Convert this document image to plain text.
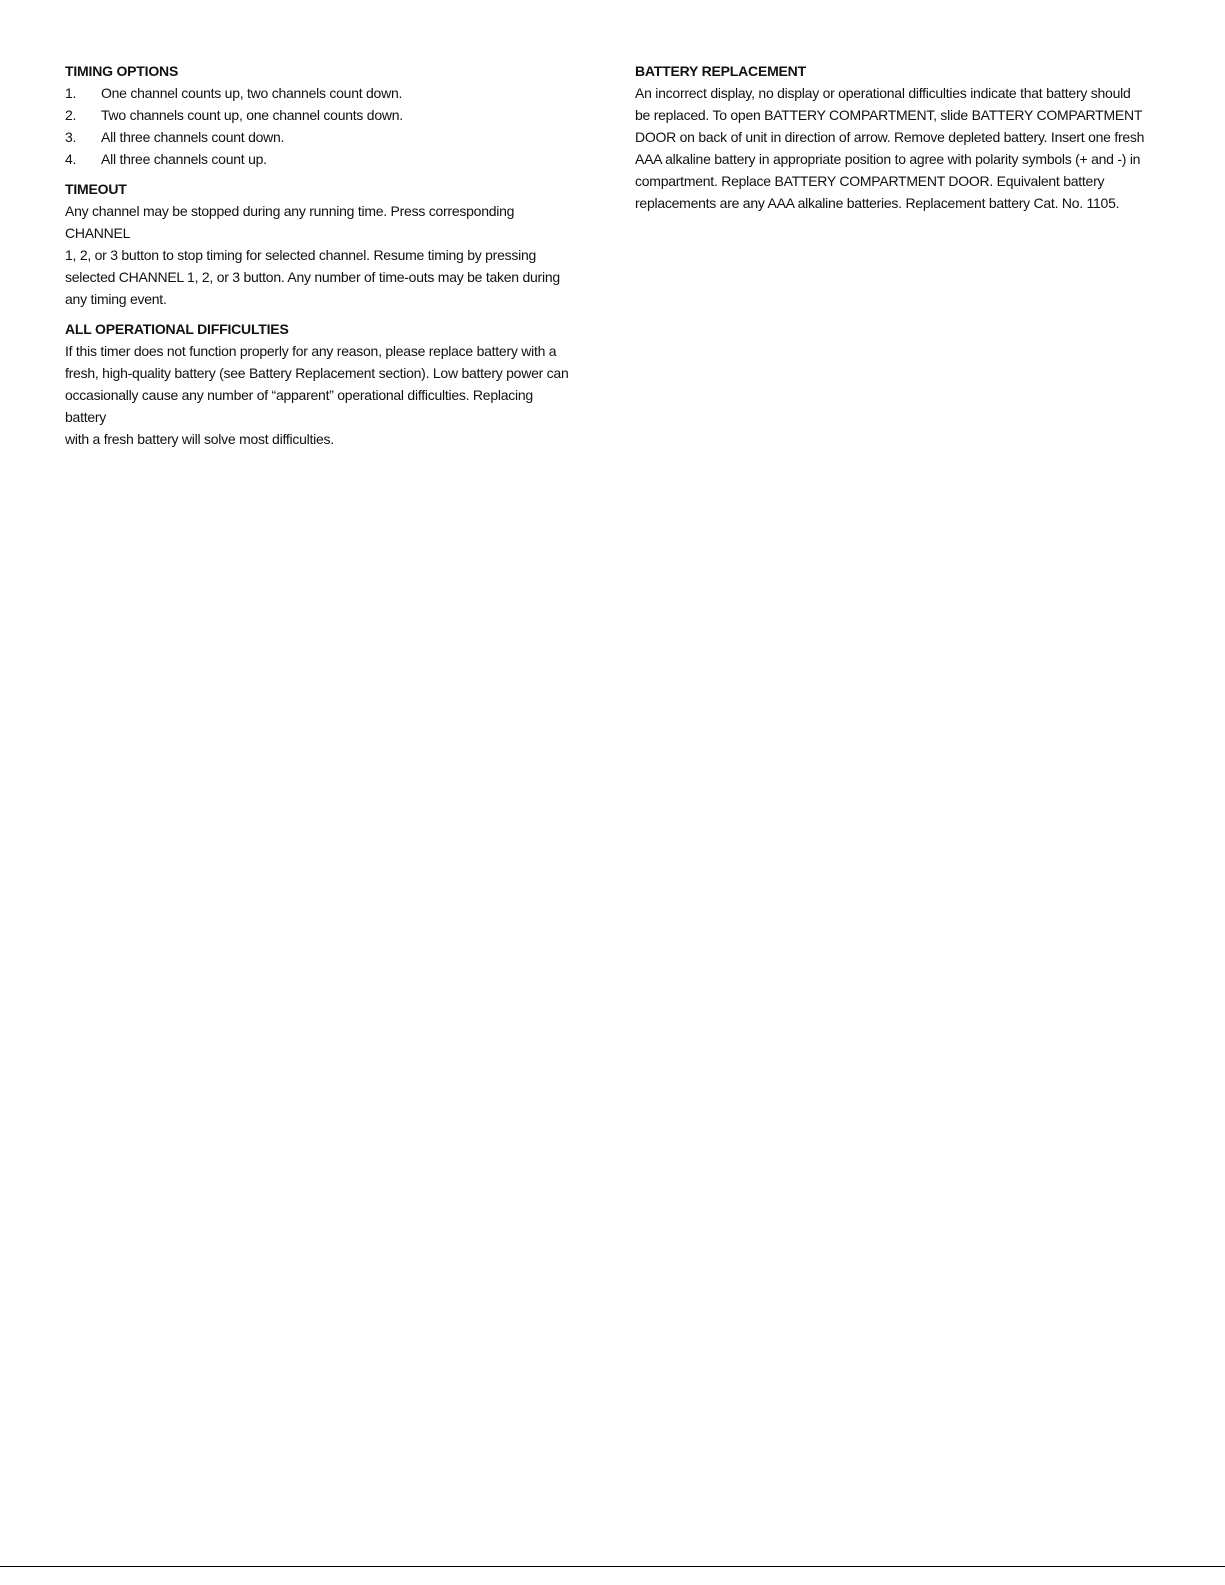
TIMING OPTIONS
1.	One channel counts up, two channels count down.
2.	Two channels count up, one channel counts down.
3.	All three channels count down.
4.	All three channels count up.
TIMEOUT

Any channel may be stopped during any running time. Press corresponding CHANNEL

1, 2, or 3 button to stop timing for selected channel. Resume timing by pressing

selected CHANNEL 1, 2, or 3 button. Any number of time-outs may be taken during

any timing event.

ALL OPERATIONAL DIFFICULTIES

If this timer does not function properly for any reason, please replace battery with a

fresh, high-quality battery (see Battery Replacement section). Low battery power can

occasionally cause any number of “apparent” operational difficulties. Replacing battery

with a fresh battery will solve most difficulties.

BATTERY REPLACEMENT

An incorrect display, no display or operational difficulties indicate that battery should

be replaced. To open BATTERY COMPARTMENT, slide BATTERY COMPARTMENT

DOOR on back of unit in direction of arrow. Remove depleted battery. Insert one fresh

AAA alkaline battery in appropriate position to agree with polarity symbols (+ and -) in

compartment. Replace BATTERY COMPARTMENT DOOR. Equivalent battery

replacements are any AAA alkaline batteries. Replacement battery Cat. No. 1105.
